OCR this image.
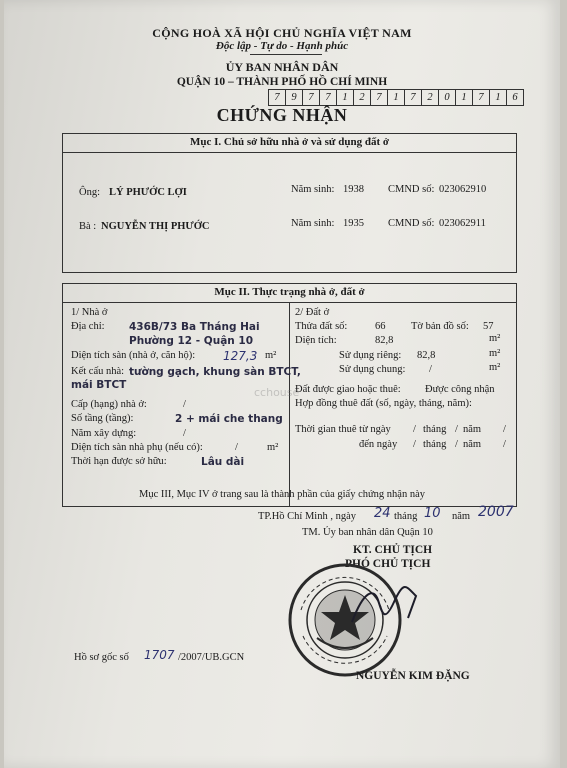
CỘNG HOÀ XÃ HỘI CHỦ NGHĨA VIỆT NAM
Độc lập - Tự do - Hạnh phúc
ỦY BAN NHÂN DÂN
QUẬN 10 – THÀNH PHỐ HỒ CHÍ MINH
7	9	7	7	1	2	7	1	7	2	0	1	7	1	6
CHỨNG NHẬN
Mục I. Chủ sở hữu nhà ở và sử dụng đất ở
Ông: LÝ PHƯỚC LỢI	Năm sinh: 1938 CMND số: 023062910
Bà : NGUYỄN THỊ PHƯỚC	Năm sinh: 1935 CMND số: 023062911
Mục II. Thực trạng nhà ở, đất ở
1/ Nhà ở
Địa chỉ: 436B/73 Ba Tháng Hai
Phường 12 - Quận 10
Diện tích sàn (nhà ở, căn hộ): 127,3 m²
Kết cấu nhà: tường gạch, khung sàn BTCT,
mái BTCT
Cấp (hạng) nhà ở:	/
Số tầng (tầng):	2 + mái che thang
Năm xây dựng:	/
Diện tích sàn nhà phụ (nếu có):	/	m²
Thời hạn được sở hữu:	Lâu dài
2/ Đất ở
Thửa đất số:	66 Tờ bản đồ số: 57
Diện tích:	82,8	m²
Sử dụng riêng: 82,8	m²
Sử dụng chung: /	m²
Đất được giao hoặc thuê: Được công nhận
Hợp đồng thuê đất (số, ngày, tháng, năm):
Thời gian thuê từ ngày / tháng / năm /
đến ngày / tháng / năm /
cchouse
Mục III, Mục IV ở trang sau là thành phần của giấy chứng nhận này
TP.Hồ Chí Minh , ngày 24 tháng 10 năm 2007
TM. Ủy ban nhân dân Quận 10
KT. CHỦ TỊCH
PHÓ CHỦ TỊCH
NGUYỄN KIM ĐẶNG
Hồ sơ gốc số 1707 /2007/UB.GCN
